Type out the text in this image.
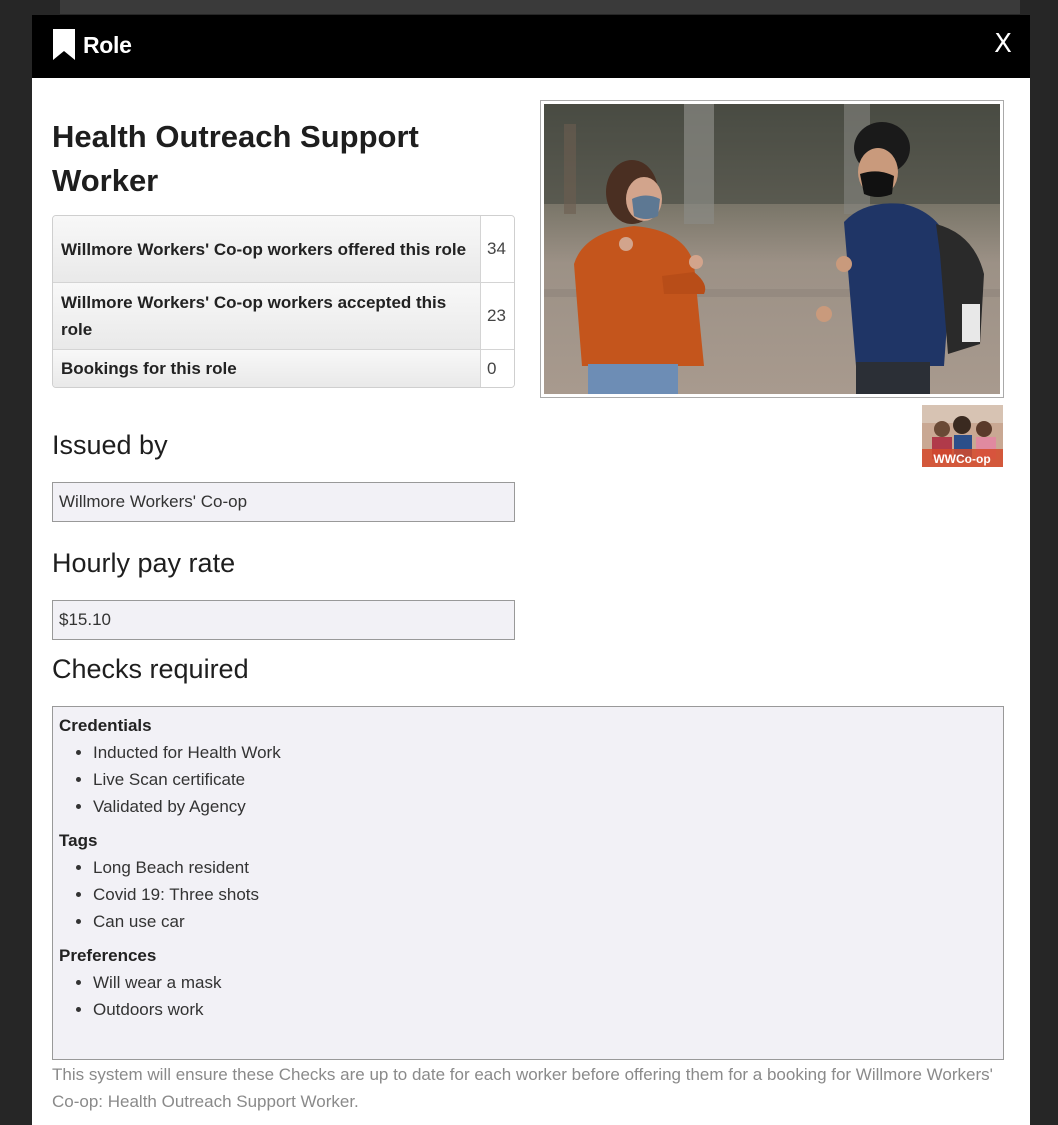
Role	X
Health Outreach Support Worker
Willmore Workers' Co-op workers offered this role	34
Willmore Workers' Co-op workers accepted this role	23
Bookings for this role	0
WWCo-op
Issued by
Willmore Workers' Co-op
Hourly pay rate
$15.10
Checks required
Credentials
• Inducted for Health Work
• Live Scan certificate
• Validated by Agency
Tags
• Long Beach resident
• Covid 19: Three shots
• Can use car
Preferences
• Will wear a mask
• Outdoors work

This system will ensure these Checks are up to date for each worker before offering them for a booking for Willmore Workers' Co-op: Health Outreach Support Worker.
